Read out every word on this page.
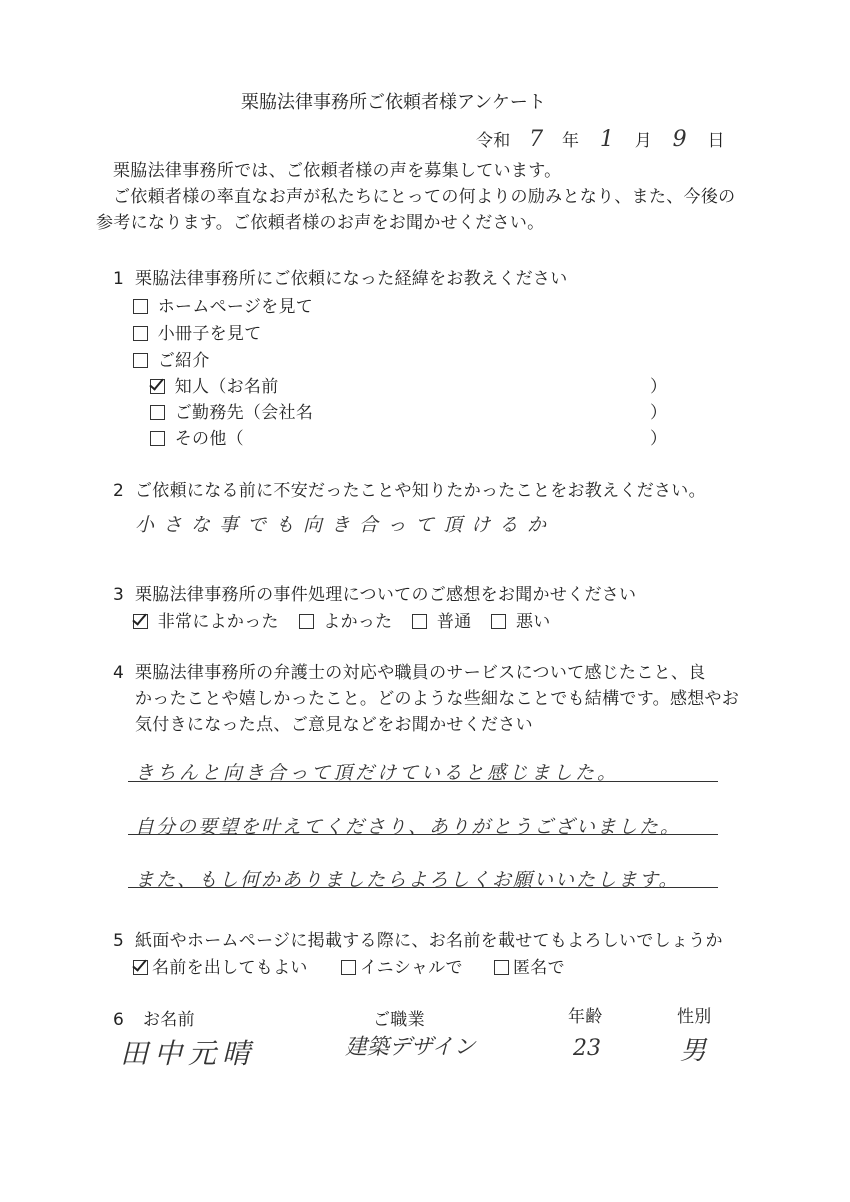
栗脇法律事務所ご依頼者様アンケート
令和 7 年 1 月 9 日
栗脇法律事務所では、ご依頼者様の声を募集しています。
ご依頼者様の率直なお声が私たちにとっての何よりの励みとなり、また、今後の
参考になります。ご依頼者様のお声をお聞かせください。
1 栗脇法律事務所にご依頼になった経緯をお教えください
ホームページを見て
小冊子を見て
ご紹介
知人（お名前	）
ご勤務先（会社名	）
その他（	）
2 ご依頼になる前に不安だったことや知りたかったことをお教えください。
小さな事でも向き合って頂けるか
3 栗脇法律事務所の事件処理についてのご感想をお聞かせください
非常によかった	よかった	普通	悪い
4 栗脇法律事務所の弁護士の対応や職員のサービスについて感じたこと、良
かったことや嬉しかったこと。どのような些細なことでも結構です。感想やお
気付きになった点、ご意見などをお聞かせください
きちんと向き合って頂だけていると感じました。
自分の要望を叶えてくださり、ありがとうございました。
また、もし何かありましたらよろしくお願いいたします。
5 紙面やホームページに掲載する際に、お名前を載せてもよろしいでしょうか
名前を出してもよい	イニシャルで	匿名で
6 お名前	ご職業	年齢	性別
田中元晴	建築デザイン	23	男
